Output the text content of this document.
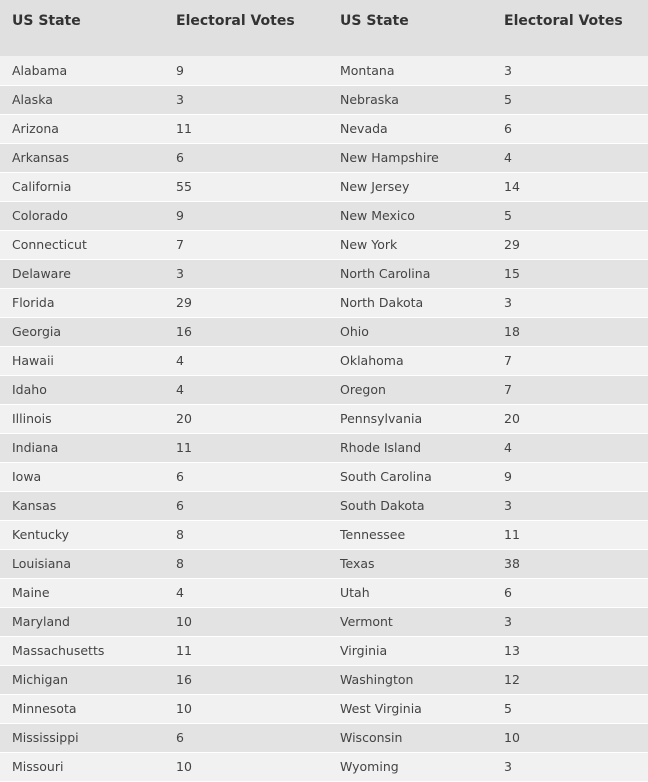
US State	Electoral Votes	US State	Electoral Votes
Alabama	9	Montana	3
Alaska	3	Nebraska	5
Arizona	11	Nevada	6
Arkansas	6	New Hampshire	4
California	55	New Jersey	14
Colorado	9	New Mexico	5
Connecticut	7	New York	29
Delaware	3	North Carolina	15
Florida	29	North Dakota	3
Georgia	16	Ohio	18
Hawaii	4	Oklahoma	7
Idaho	4	Oregon	7
Illinois	20	Pennsylvania	20
Indiana	11	Rhode Island	4
Iowa	6	South Carolina	9
Kansas	6	South Dakota	3
Kentucky	8	Tennessee	11
Louisiana	8	Texas	38
Maine	4	Utah	6
Maryland	10	Vermont	3
Massachusetts	11	Virginia	13
Michigan	16	Washington	12
Minnesota	10	West Virginia	5
Mississippi	6	Wisconsin	10
Missouri	10	Wyoming	3
